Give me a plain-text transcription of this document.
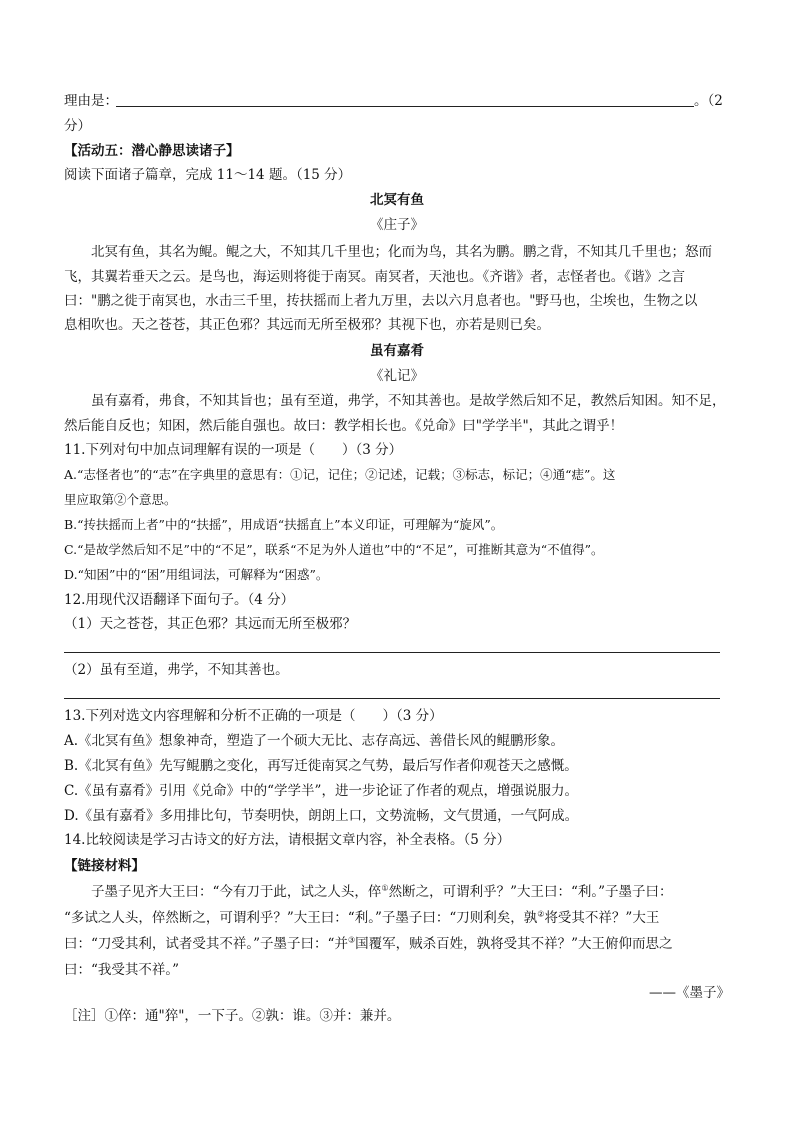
理由是：	。（2
分）
【活动五：潜心静思读诸子】
阅读下面诸子篇章，完成 11～14 题。（15 分）
北冥有鱼
《庄子》
北冥有鱼，其名为鲲。鲲之大，不知其几千里也；化而为鸟，其名为鹏。鹏之背，不知其几千里也；怒而
飞，其翼若垂天之云。是鸟也，海运则将徙于南冥。南冥者，天池也。《齐谐》者，志怪者也。《谐》之言
曰："鹏之徙于南冥也，水击三千里，抟扶摇而上者九万里，去以六月息者也。"野马也，尘埃也，生物之以
息相吹也。天之苍苍，其正色邪？其远而无所至极邪？其视下也，亦若是则已矣。
虽有嘉肴
《礼记》
虽有嘉肴，弗食，不知其旨也；虽有至道，弗学，不知其善也。是故学然后知不足，教然后知困。知不足，
然后能自反也；知困，然后能自强也。故曰：教学相长也。《兑命》曰"学学半"，其此之谓乎！
11.下列对句中加点词理解有误的一项是（　　）（3 分）
A.“志怪者也”的“志”在字典里的意思有：①记，记住；②记述，记载；③标志，标记；④通“痣”。这
里应取第②个意思。
B.“抟扶摇而上者”中的“扶摇”，用成语“扶摇直上”本义印证，可理解为“旋风”。
C.“是故学然后知不足”中的“不足”，联系“不足为外人道也”中的“不足”，可推断其意为“不值得”。
D.“知困”中的“困”用组词法，可解释为“困惑”。
12.用现代汉语翻译下面句子。（4 分）
（1）天之苍苍，其正色邪？其远而无所至极邪？
（2）虽有至道，弗学，不知其善也。
13.下列对选文内容理解和分析不正确的一项是（　　）（3 分）
A.《北冥有鱼》想象神奇，塑造了一个硕大无比、志存高远、善借长风的鲲鹏形象。
B.《北冥有鱼》先写鲲鹏之变化，再写迁徙南冥之气势，最后写作者仰观苍天之感慨。
C.《虽有嘉肴》引用《兑命》中的“学学半”，进一步论证了作者的观点，增强说服力。
D.《虽有嘉肴》多用排比句，节奏明快，朗朗上口，文势流畅，文气贯通，一气阿成。
14.比较阅读是学习古诗文的好方法，请根据文章内容，补全表格。（5 分）
【链接材料】
子墨子见齐大王曰：“今有刀于此，试之人头，倅①然断之，可谓利乎？”大王曰：“利。”子墨子曰：
“多试之人头，倅然断之，可谓利乎？”大王曰：“利。”子墨子曰：“刀则利矣，孰②将受其不祥？”大王
曰：“刀受其利，试者受其不祥。”子墨子曰：“并③国覆军，贼杀百姓，孰将受其不祥？”大王俯仰而思之
曰：“我受其不祥。”
——《墨子》
［注］①倅：通"猝"，一下子。②孰：谁。③并：兼并。
